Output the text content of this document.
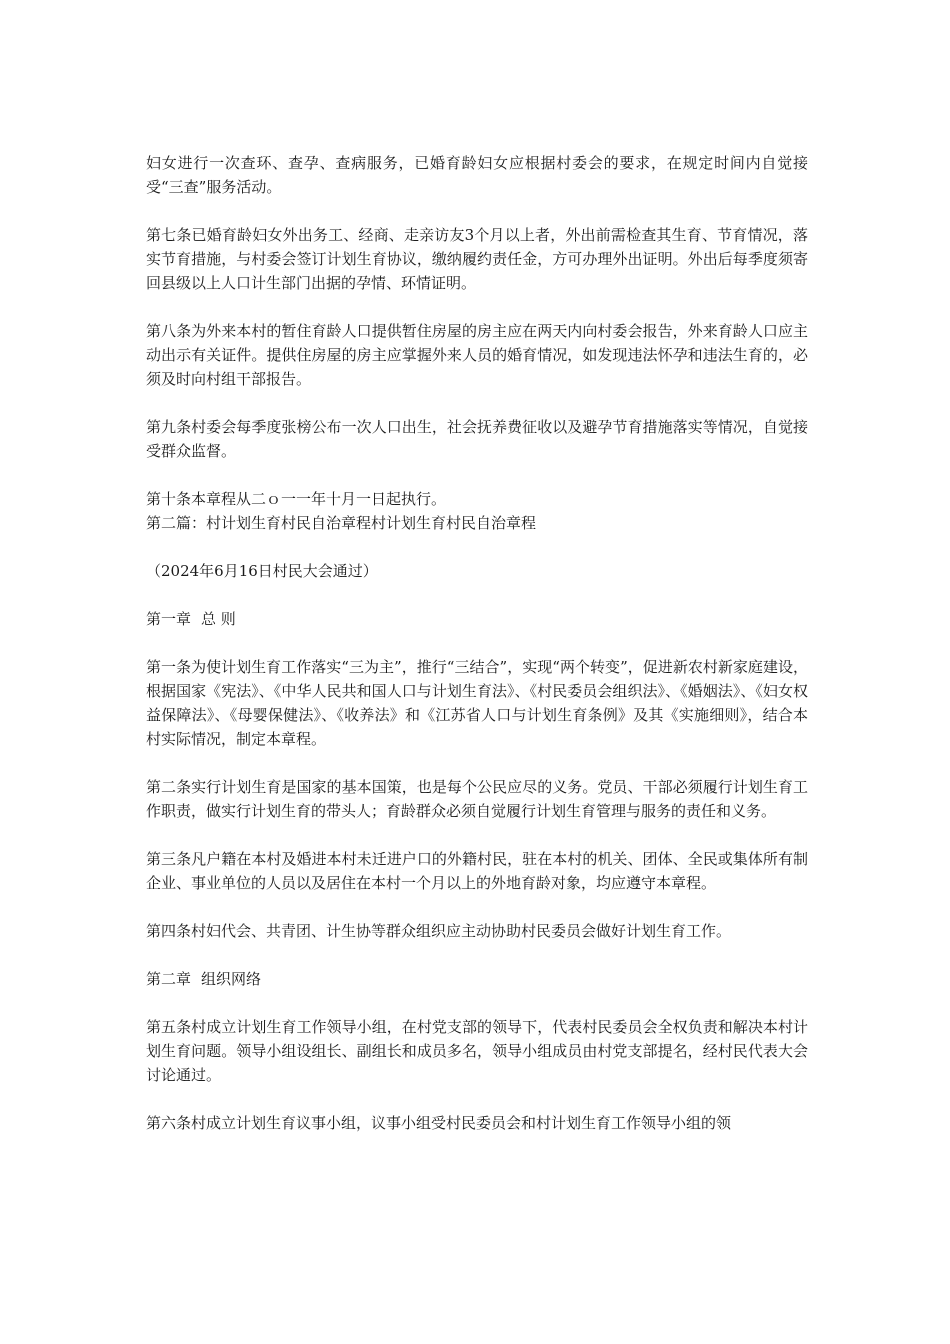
妇女进行一次查环、查孕、查病服务，已婚育龄妇女应根据村委会的要求，在规定时间内自觉接受“三查”服务活动。

第七条已婚育龄妇女外出务工、经商、走亲访友3个月以上者，外出前需检查其生育、节育情况，落实节育措施，与村委会签订计划生育协议，缴纳履约责任金，方可办理外出证明。外出后每季度须寄回县级以上人口计生部门出据的孕情、环情证明。

第八条为外来本村的暂住育龄人口提供暂住房屋的房主应在两天内向村委会报告，外来育龄人口应主动出示有关证件。提供住房屋的房主应掌握外来人员的婚育情况，如发现违法怀孕和违法生育的，必须及时向村组干部报告。

第九条村委会每季度张榜公布一次人口出生，社会抚养费征收以及避孕节育措施落实等情况，自觉接受群众监督。

第十条本章程从二ｏ一一年十月一日起执行。

第二篇：村计划生育村民自治章程村计划生育村民自治章程

（2024年6月16日村民大会通过）

第一章 总 则

第一条为使计划生育工作落实“三为主”，推行“三结合”，实现“两个转变”，促进新农村新家庭建设，根据国家《宪法》、《中华人民共和国人口与计划生育法》、《村民委员会组织法》、《婚姻法》、《妇女权益保障法》、《母婴保健法》、《收养法》和《江苏省人口与计划生育条例》及其《实施细则》，结合本村实际情况，制定本章程。

第二条实行计划生育是国家的基本国策，也是每个公民应尽的义务。党员、干部必须履行计划生育工作职责，做实行计划生育的带头人；育龄群众必须自觉履行计划生育管理与服务的责任和义务。

第三条凡户籍在本村及婚进本村未迁进户口的外籍村民，驻在本村的机关、团体、全民或集体所有制企业、事业单位的人员以及居住在本村一个月以上的外地育龄对象，均应遵守本章程。

第四条村妇代会、共青团、计生协等群众组织应主动协助村民委员会做好计划生育工作。

第二章 组织网络

第五条村成立计划生育工作领导小组，在村党支部的领导下，代表村民委员会全权负责和解决本村计划生育问题。领导小组设组长、副组长和成员多名，领导小组成员由村党支部提名，经村民代表大会讨论通过。

第六条村成立计划生育议事小组，议事小组受村民委员会和村计划生育工作领导小组的领
